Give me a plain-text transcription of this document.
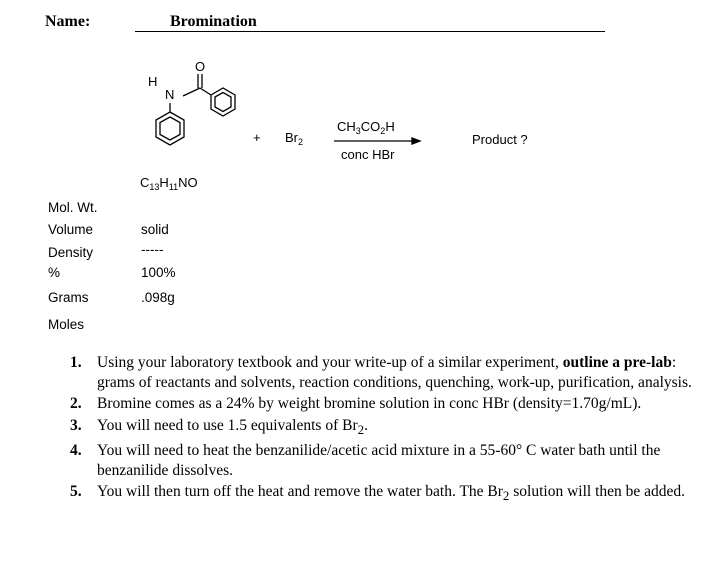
Name:	Bromination
O
H
N
$C_{13}H_{11}NO$
+ $Br_2$
$CH_3CO_2H$
conc HBr
Product ?
Mol. Wt.
Volume	solid
Density	-----
%	100%
Grams	.098g
Moles
1. Using your laboratory textbook and your write-up of a similar experiment, outline a pre-lab: grams of reactants and solvents, reaction conditions, quenching, work-up, purification, analysis.
2. Bromine comes as a 24% by weight bromine solution in conc HBr (density=1.70g/mL).
3. You will need to use 1.5 equivalents of $Br_2$.
4. You will need to heat the benzanilide/acetic acid mixture in a 55-60° C water bath until the benzanilide dissolves.
5. You will then turn off the heat and remove the water bath. The $Br_2$ solution will then be added.
